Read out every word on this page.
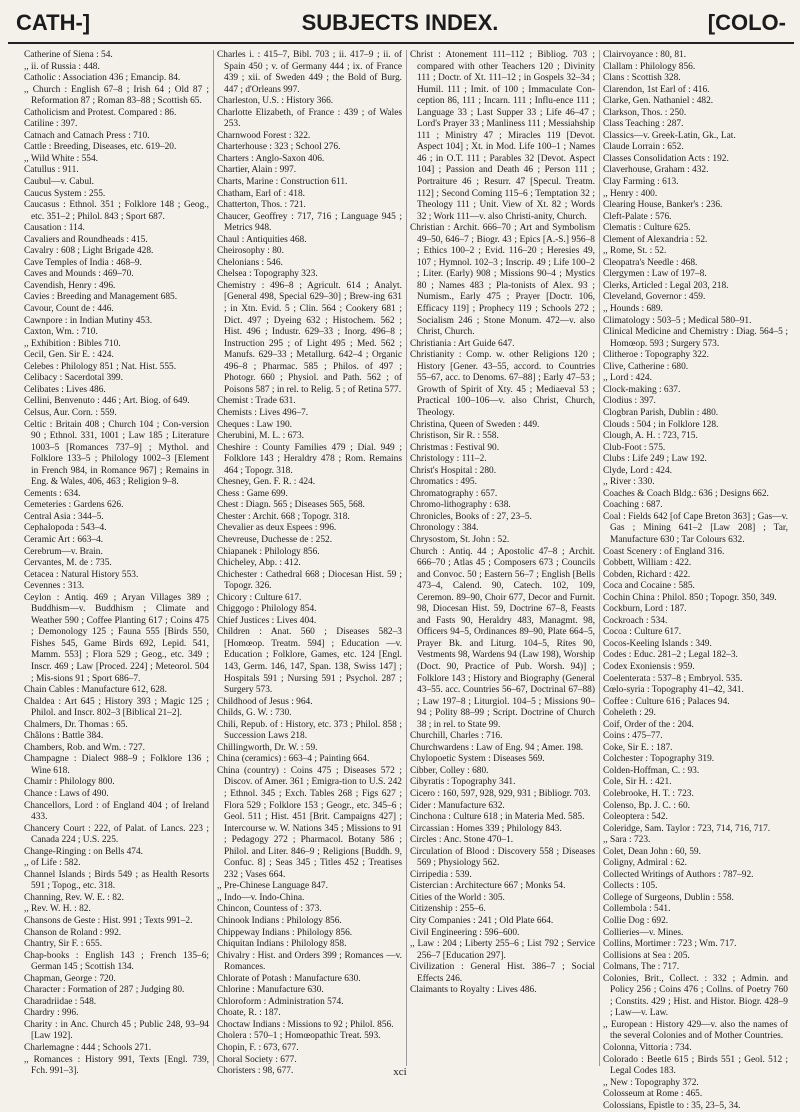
CATH-]	SUBJECTS INDEX.	[COLO-

Catherine of Siena : 54.

,, ii. of Russia : 448.

Catholic : Association 436 ; Emancip. 84.

,, Church : English 67–8 ; Irish 64 ; Old 87 ; Reformation 87 ; Roman 83–88 ; Scottish 65.

Catholicism and Protest. Compared : 86.

Catiline : 397.

Catnach and Catnach Press : 710.

Cattle : Breeding, Diseases, etc. 619–20.

,, Wild White : 554.

Catullus : 911.

Caubul—v. Cabul.

Caucus System : 255.

Caucasus : Ethnol. 351 ; Folklore 148 ; Geog., etc. 351–2 ; Philol. 843 ; Sport 687.

Causation : 114.

Cavaliers and Roundheads : 415.

Cavalry : 608 ; Light Brigade 428.

Cave Temples of India : 468–9.

Caves and Mounds : 469–70.

Cavendish, Henry : 496.

Cavies : Breeding and Management 685.

Cavour, Count de : 446.

Cawnpore : in Indian Mutiny 453.

Caxton, Wm. : 710.

,, Exhibition : Bibles 710.

Cecil, Gen. Sir E. : 424.

Celebes : Philology 851 ; Nat. Hist. 555.

Celibacy : Sacerdotal 399.

Celibates : Lives 486.

Cellini, Benvenuto : 446 ; Art. Biog. of 649.

Celsus, Aur. Corn. : 559.

Celtic : Britain 408 ; Church 104 ; Con-version 90 ; Ethnol. 331, 1001 ; Law 185 ; Literature 1003–5 [Romances 737–9] ; Mythol. and Folklore 133–5 ; Philology 1002–3 [Element in French 984, in Romance 967] ; Remains in Eng. & Wales, 406, 463 ; Religion 9–8.

Cements : 634.

Cemeteries : Gardens 626.

Central Asia : 344–5.

Cephalopoda : 543–4.

Ceramic Art : 663–4.

Cerebrum—v. Brain.

Cervantes, M. de : 735.

Cetacea : Natural History 553.

Cevennes : 313.

Ceylon : Antiq. 469 ; Aryan Villages 389 ; Buddhism—v. Buddhism ; Climate and Weather 590 ; Coffee Planting 617 ; Coins 475 ; Demonology 125 ; Fauna 555 [Birds 550, Fishes 545, Game Birds 692, Lepid. 541, Mamm. 553] ; Flora 529 ; Geog., etc. 349 ; Inscr. 469 ; Law [Proced. 224] ; Meteorol. 504 ; Mis-sions 91 ; Sport 686–7.

Chain Cables : Manufacture 612, 628.

Chaldea : Art 645 ; History 393 ; Magic 125 ; Philol. and Inscr. 802–3 [Biblical 21–2].

Chalmers, Dr. Thomas : 65.

Châlons : Battle 384.

Chambers, Rob. and Wm. : 727.

Champagne : Dialect 988–9 ; Folklore 136 ; Wine 618.

Chamir : Philology 800.

Chance : Laws of 490.

Chancellors, Lord : of England 404 ; of Ireland 433.

Chancery Court : 222, of Palat. of Lancs. 223 ; Canada 224 ; U.S. 225.

Change-Ringing : on Bells 474.

,, of Life : 582.

Channel Islands ; Birds 549 ; as Health Resorts 591 ; Topog., etc. 318.

Channing, Rev. W. E. : 82.

,, Rev. W. H. : 82.

Chansons de Geste : Hist. 991 ; Texts 991–2.

Chanson de Roland : 992.

Chantry, Sir F. : 655.

Chap-books : English 143 ; French 135–6; German 145 ; Scottish 134.

Chapman, George : 720.

Character : Formation of 287 ; Judging 80.

Charadriidae : 548.

Chardry : 996.

Charity : in Anc. Church 45 ; Public 248, 93–94 [Law 192].

Charlemagne : 444 ; Schools 271.

,, Romances : History 991, Texts [Engl. 739, Fch. 991–3].

Charles i. : 415–7, Bibl. 703 ; ii. 417–9 ; ii. of Spain 450 ; v. of Germany 444 ; ix. of France 439 ; xii. of Sweden 449 ; the Bold of Burg. 447 ; d'Orleans 997.

Charleston, U.S. : History 366.

Charlotte Elizabeth, of France : 439 ; of Wales 253.

Charnwood Forest : 322.

Charterhouse : 323 ; School 276.

Charters : Anglo-Saxon 406.

Chartier, Alain : 997.

Charts, Marine : Construction 611.

Chatham, Earl of : 418.

Chatterton, Thos. : 721.

Chaucer, Geoffrey : 717, 716 ; Language 945 ; Metrics 948.

Chaul : Antiquities 468.

Cheirosophy : 80.

Chelonians : 546.

Chelsea : Topography 323.

Chemistry : 496–8 ; Agricult. 614 ; Analyt. [General 498, Special 629–30] ; Brew-ing 631 ; in Xtn. Evid. 5 ; Clin. 564 ; Cookery 681 ; Dict. 497 ; Dyeing 632 ; Histochem. 562 ; Hist. 496 ; Industr. 629–33 ; Inorg. 496–8 ; Instruction 295 ; of Light 495 ; Med. 562 ; Manufs. 629–33 ; Metallurg. 642–4 ; Organic 496–8 ; Pharmac. 585 ; Philos. of 497 ; Photogr. 660 ; Physiol. and Path. 562 ; of Poisons 587 ; in rel. to Relig. 5 ; of Retina 577.

Chemist : Trade 631.

Chemists : Lives 496–7.

Cheques : Law 190.

Cherubini, M. L. : 673.

Cheshire : County Families 479 ; Dial. 949 ; Folklore 143 ; Heraldry 478 ; Rom. Remains 464 ; Topogr. 318.

Chesney, Gen. F. R. : 424.

Chess : Game 699.

Chest : Diagn. 565 ; Diseases 565, 568.

Chester : Archit. 668 ; Topogr. 318.

Chevalier as deux Espees : 996.

Chevreuse, Duchesse de : 252.

Chiapanek : Philology 856.

Chicheley, Abp. : 412.

Chichester : Cathedral 668 ; Diocesan Hist. 59 ; Topogr. 326.

Chicory : Culture 617.

Chiggogo : Philology 854.

Chief Justices : Lives 404.

Children : Anat. 560 ; Diseases 582–3 [Homœop. Treatm. 594] ; Education —v. Education ; Folklore, Games, etc. 124 [Engl. 143, Germ. 146, 147, Span. 138, Swiss 147] ; Hospitals 591 ; Nursing 591 ; Psychol. 287 ; Surgery 573.

Childhood of Jesus : 964.

Childs, G. W. : 730.

Chili, Repub. of : History, etc. 373 ; Philol. 858 ; Succession Laws 218.

Chillingworth, Dr. W. : 59.

China (ceramics) : 663–4 ; Painting 664.

China (country) : Coins 475 ; Diseases 572 ; Discov. of Amer. 361 ; Emigra-tion to U.S. 242 ; Ethnol. 345 ; Exch. Tables 268 ; Figs 627 ; Flora 529 ; Folklore 153 ; Geogr., etc. 345–6 ; Geol. 511 ; Hist. 451 [Brit. Campaigns 427] ; Intercourse w. W. Nations 345 ; Missions to 91 ; Pedagogy 272 ; Pharmacol. Botany 586 ; Philol. and Liter. 846–9 ; Religions [Buddh. 9, Confuc. 8] ; Seas 345 ; Titles 452 ; Treatises 232 ; Vases 664.

,, Pre-Chinese Language 847.

,, Indo—v. Indo-China.

Chincon, Countess of : 373.

Chinook Indians : Philology 856.

Chippeway Indians : Philology 856.

Chiquitan Indians : Philology 858.

Chivalry : Hist. and Orders 399 ; Romances —v. Romances.

Chlorate of Potash : Manufacture 630.

Chlorine : Manufacture 630.

Chloroform : Administration 574.

Choate, R. : 187.

Choctaw Indians : Missions to 92 ; Philol. 856.

Cholera : 570–1 ; Homœopathic Treat. 593.

Chopin, F. : 673, 677.

Choral Society : 677.

Choristers : 98, 677.

Christ : Atonement 111–112 ; Bibliog. 703 ; compared with other Teachers 120 ; Divinity 111 ; Doctr. of Xt. 111–12 ; in Gospels 32–34 ; Humil. 111 ; Imit. of 100 ; Immaculate Con-ception 86, 111 ; Incarn. 111 ; Influ-ence 111 ; Language 33 ; Last Supper 33 ; Life 46–47 ; Lord's Prayer 33 ; Manliness 111 ; Messiahship 111 ; Ministry 47 ; Miracles 119 [Devot. Aspect 104] ; Xt. in Mod. Life 100–1 ; Names 46 ; in O.T. 111 ; Parables 32 [Devot. Aspect 104] ; Passion and Death 46 ; Person 111 ; Portraiture 46 ; Resurr. 47 [Specul. Treatm. 112] ; Second Coming 115–6 ; Temptation 32 ; Theology 111 ; Unit. View of Xt. 82 ; Words 32 ; Work 111—v. also Christi-anity, Church.

Christian : Archit. 666–70 ; Art and Symbolism 49–50, 646–7 ; Biogr. 43 ; Epics [A.-S.] 956–8 ; Ethics 100–2 ; Evid. 116–20 ; Heresies 49, 107 ; Hymnol. 102–3 ; Inscrip. 49 ; Life 100–2 ; Liter. (Early) 908 ; Missions 90–4 ; Mystics 80 ; Names 483 ; Pla-tonists of Alex. 93 ; Numism., Early 475 ; Prayer [Doctr. 106, Efficacy 119] ; Prophecy 119 ; Schools 272 ; Socialism 246 ; Stone Monum. 472—v. also Christ, Church.

Christiania : Art Guide 647.

Christianity : Comp. w. other Religions 120 ; History [Gener. 43–55, accord. to Countries 55–67, acc. to Denoms. 67–88] ; Early 47–53 ; Growth of Spirit of Xty. 45 ; Mediaeval 53 ; Practical 100–106—v. also Christ, Church, Theology.

Christina, Queen of Sweden : 449.

Christison, Sir R. : 558.

Christmas : Festival 90.

Christology : 111–2.

Christ's Hospital : 280.

Chromatics : 495.

Chromatography : 657.

Chromo-lithography : 638.

Chronicles, Books of : 27, 23–5.

Chronology : 384.

Chrysostom, St. John : 52.

Church : Antiq. 44 ; Apostolic 47–8 ; Archit. 666–70 ; Atlas 45 ; Composers 673 ; Councils and Convoc. 50 ; Eastern 56–7 ; English [Bells 473–4, Calend. 90, Catech. 102, 109, Ceremon. 89–90, Choir 677, Decor and Furnit. 98, Diocesan Hist. 59, Doctrine 67–8, Feasts and Fasts 90, Heraldry 483, Managmt. 98, Officers 94–5, Ordinances 89–90, Plate 664–5, Prayer Bk. and Liturg. 104–5, Rites 90, Vestments 98, Wardens 94 (Law 198), Worship (Doct. 90, Practice of Pub. Worsh. 94)] ; Folklore 143 ; History and Biography (General 43–55. acc. Countries 56–67, Doctrinal 67–88) ; Law 197–8 ; Liturgiol. 104–5 ; Missions 90–94 ; Polity 88–99 ; Script. Doctrine of Church 38 ; in rel. to State 99.

Churchill, Charles : 716.

Churchwardens : Law of Eng. 94 ; Amer. 198.

Chylopoetic System : Diseases 569.

Cibber, Colley : 680.

Cibyratis : Topography 341.

Cicero : 160, 597, 928, 929, 931 ; Bibliogr. 703.

Cider : Manufacture 632.

Cinchona : Culture 618 ; in Materia Med. 585.

Circassian : Homes 339 ; Philology 843.

Circles : Anc. Stone 470–1.

Circulation of Blood : Discovery 558 ; Diseases 569 ; Physiology 562.

Cirripedia : 539.

Cistercian : Architecture 667 ; Monks 54.

Cities of the World : 305.

Citizenship : 255–6.

City Companies : 241 ; Old Plate 664.

Civil Engineering : 596–600.

,, Law : 204 ; Liberty 255–6 ; List 792 ; Service 256–7 [Education 297].

Civilization : General Hist. 386–7 ; Social Effects 246.

Claimants to Royalty : Lives 486.

Clairvoyance : 80, 81.

Clallam : Philology 856.

Clans : Scottish 328.

Clarendon, 1st Earl of : 416.

Clarke, Gen. Nathaniel : 482.

Clarkson, Thos. : 250.

Class Teaching : 287.

Classics—v. Greek-Latin, Gk., Lat.

Claude Lorrain : 652.

Classes Consolidation Acts : 192.

Claverhouse, Graham : 432.

Clay Farming : 613.

,, Henry : 400.

Clearing House, Banker's : 236.

Cleft-Palate : 576.

Clematis : Culture 625.

Clement of Alexandria : 52.

,, Rome, St. : 52.

Cleopatra's Needle : 468.

Clergymen : Law of 197–8.

Clerks, Articled : Legal 203, 218.

Cleveland, Governor : 459.

,, Hounds : 689.

Climatology : 503–5 ; Medical 580–91.

Clinical Medicine and Chemistry : Diag. 564–5 ; Homœop. 593 ; Surgery 573.

Clitheroe : Topography 322.

Clive, Catherine : 680.

,, Lord : 424.

Clock-making : 637.

Clodius : 397.

Clogbran Parish, Dublin : 480.

Clouds : 504 ; in Folklore 128.

Clough, A. H. : 723, 715.

Club-Foot : 575.

Clubs : Life 249 ; Law 192.

Clyde, Lord : 424.

,, River : 330.

Coaches & Coach Bldg.: 636 ; Designs 662.

Coaching : 687.

Coal : Fields 642 [of Cape Breton 363] ; Gas—v. Gas ; Mining 641–2 [Law 208] ; Tar, Manufacture 630 ; Tar Colours 632.

Coast Scenery : of England 316.

Cobbett, William : 422.

Cobden, Richard : 422.

Coca and Cocaine : 585.

Cochin China : Philol. 850 ; Topogr. 350, 349.

Cockburn, Lord : 187.

Cockroach : 534.

Cocoa : Culture 617.

Cocos-Keeling Islands : 349.

Codes : Educ. 281–2 ; Legal 182–3.

Codex Exoniensis : 959.

Coelenterata : 537–8 ; Embryol. 535.

Cœlo-syria : Topography 41–42, 341.

Coffee : Culture 616 ; Palaces 94.

Coheleth : 29.

Coif, Order of the : 204.

Coins : 475–77.

Coke, Sir E. : 187.

Colchester : Topography 319.

Colden-Hoffman, C. : 93.

Cole, Sir H. : 421.

Colebrooke, H. T. : 723.

Colenso, Bp. J. C. : 60.

Coleoptera : 542.

Coleridge, Sam. Taylor : 723, 714, 716, 717.

,, Sara : 723.

Colet, Dean John : 60, 59.

Coligny, Admiral : 62.

Collected Writings of Authors : 787–92.

Collects : 105.

College of Surgeons, Dublin : 558.

Collembola : 541.

Collie Dog : 692.

Collieries—v. Mines.

Collins, Mortimer : 723 ; Wm. 717.

Collisions at Sea : 205.

Colmans, The : 717.

Colonies, Brit., Collect. : 332 ; Admin. and Policy 256 ; Coins 476 ; Collns. of Poetry 760 ; Constits. 429 ; Hist. and Histor. Biogr. 428–9 ; Law—v. Law.

,, European : History 429—v. also the names of the several Colonies and of Mother Countries.

Colonna, Vittoria : 734.

Colorado : Beetle 615 ; Birds 551 ; Geol. 512 ; Legal Codes 183.

,, New : Topography 372.

Colosseum at Rome : 465.

Colossians, Epistle to : 35, 23–5, 34.

xci
